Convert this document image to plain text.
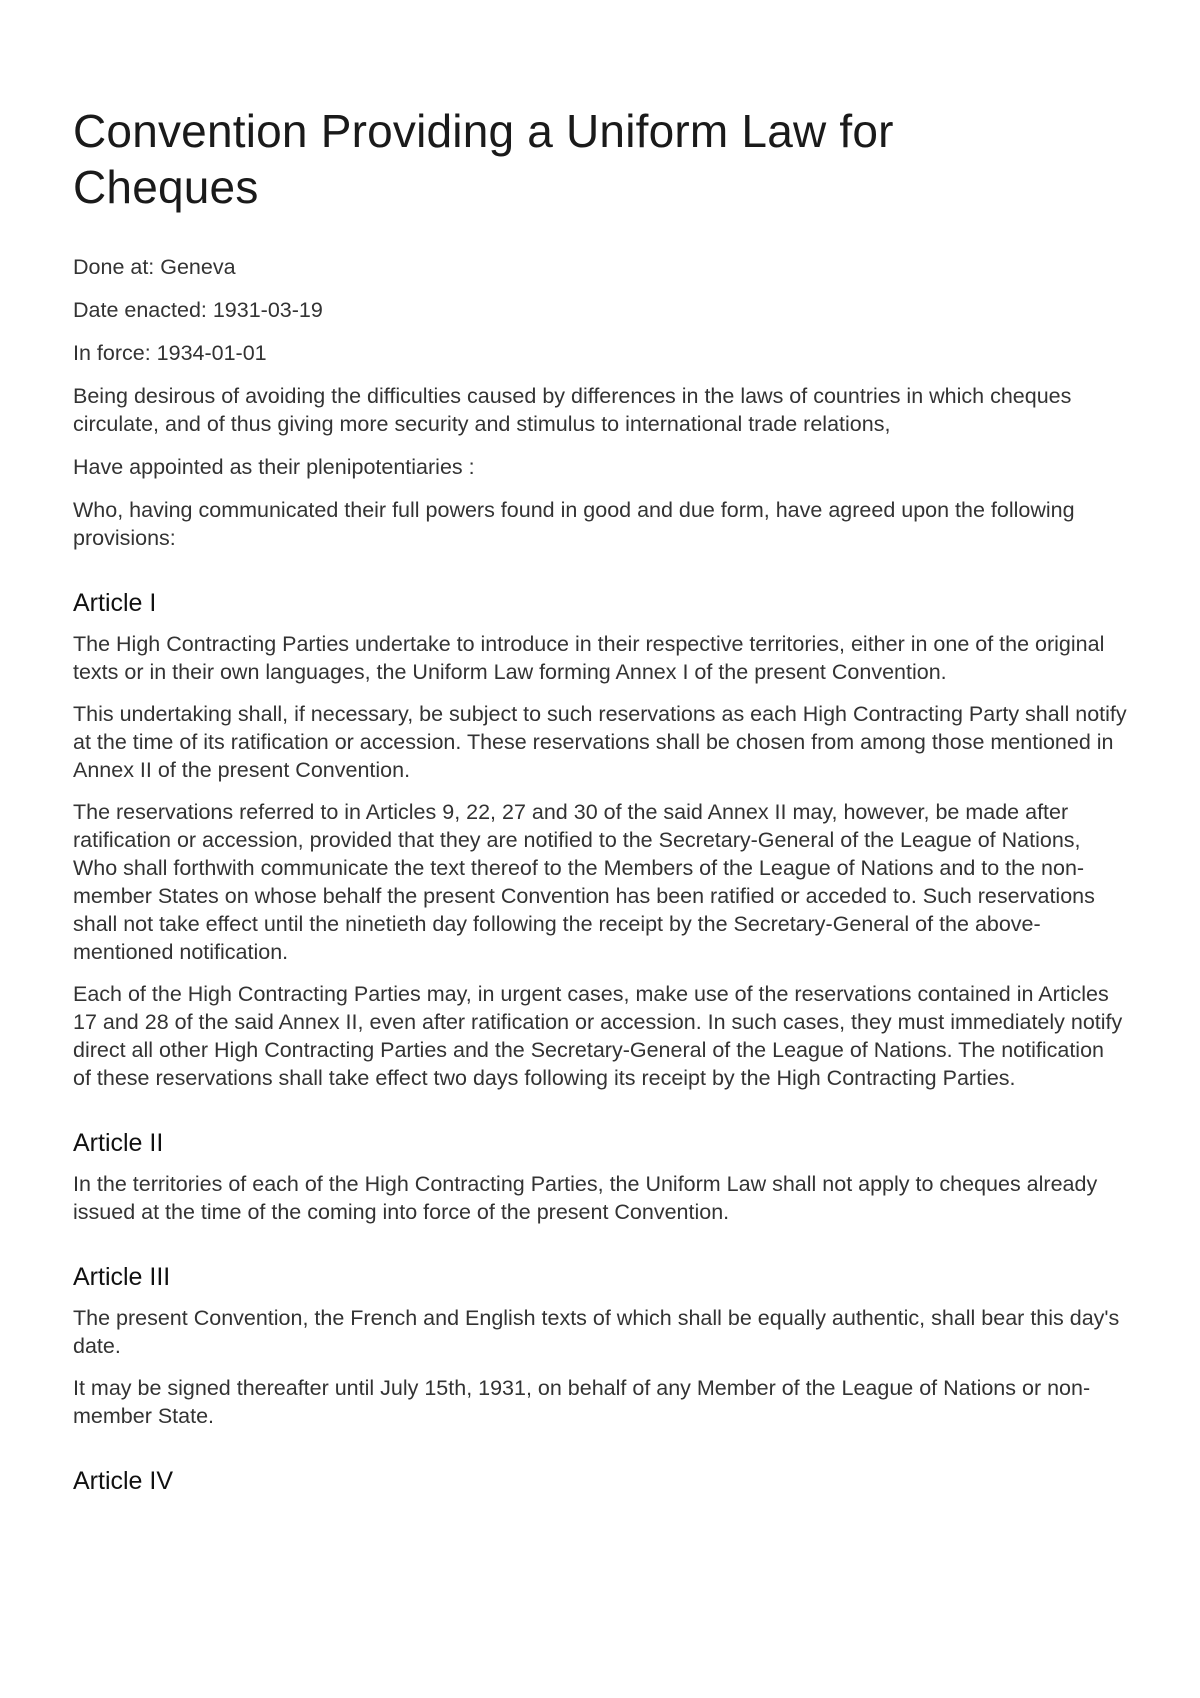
Convention Providing a Uniform Law for Cheques

Done at: Geneva

Date enacted: 1931-03-19

In force: 1934-01-01

Being desirous of avoiding the difficulties caused by differences in the laws of countries in which cheques circulate, and of thus giving more security and stimulus to international trade relations,

Have appointed as their plenipotentiaries :

Who, having communicated their full powers found in good and due form, have agreed upon the following provisions:

Article I

The High Contracting Parties undertake to introduce in their respective territories, either in one of the original texts or in their own languages, the Uniform Law forming Annex I of the present Convention.

This undertaking shall, if necessary, be subject to such reservations as each High Contracting Party shall notify at the time of its ratification or accession. These reservations shall be chosen from among those mentioned in Annex II of the present Convention.

The reservations referred to in Articles 9, 22, 27 and 30 of the said Annex II may, however, be made after ratification or accession, provided that they are notified to the Secretary-General of the League of Nations, Who shall forthwith communicate the text thereof to the Members of the League of Nations and to the non-member States on whose behalf the present Convention has been ratified or acceded to. Such reservations shall not take effect until the ninetieth day following the receipt by the Secretary-General of the above-mentioned notification.

Each of the High Contracting Parties may, in urgent cases, make use of the reservations contained in Articles 17 and 28 of the said Annex II, even after ratification or accession. In such cases, they must immediately notify direct all other High Contracting Parties and the Secretary-General of the League of Nations. The notification of these reservations shall take effect two days following its receipt by the High Contracting Parties.

Article II

In the territories of each of the High Contracting Parties, the Uniform Law shall not apply to cheques already issued at the time of the coming into force of the present Convention.

Article III

The present Convention, the French and English texts of which shall be equally authentic, shall bear this day's date.

It may be signed thereafter until July 15th, 1931, on behalf of any Member of the League of Nations or non-member State.

Article IV
